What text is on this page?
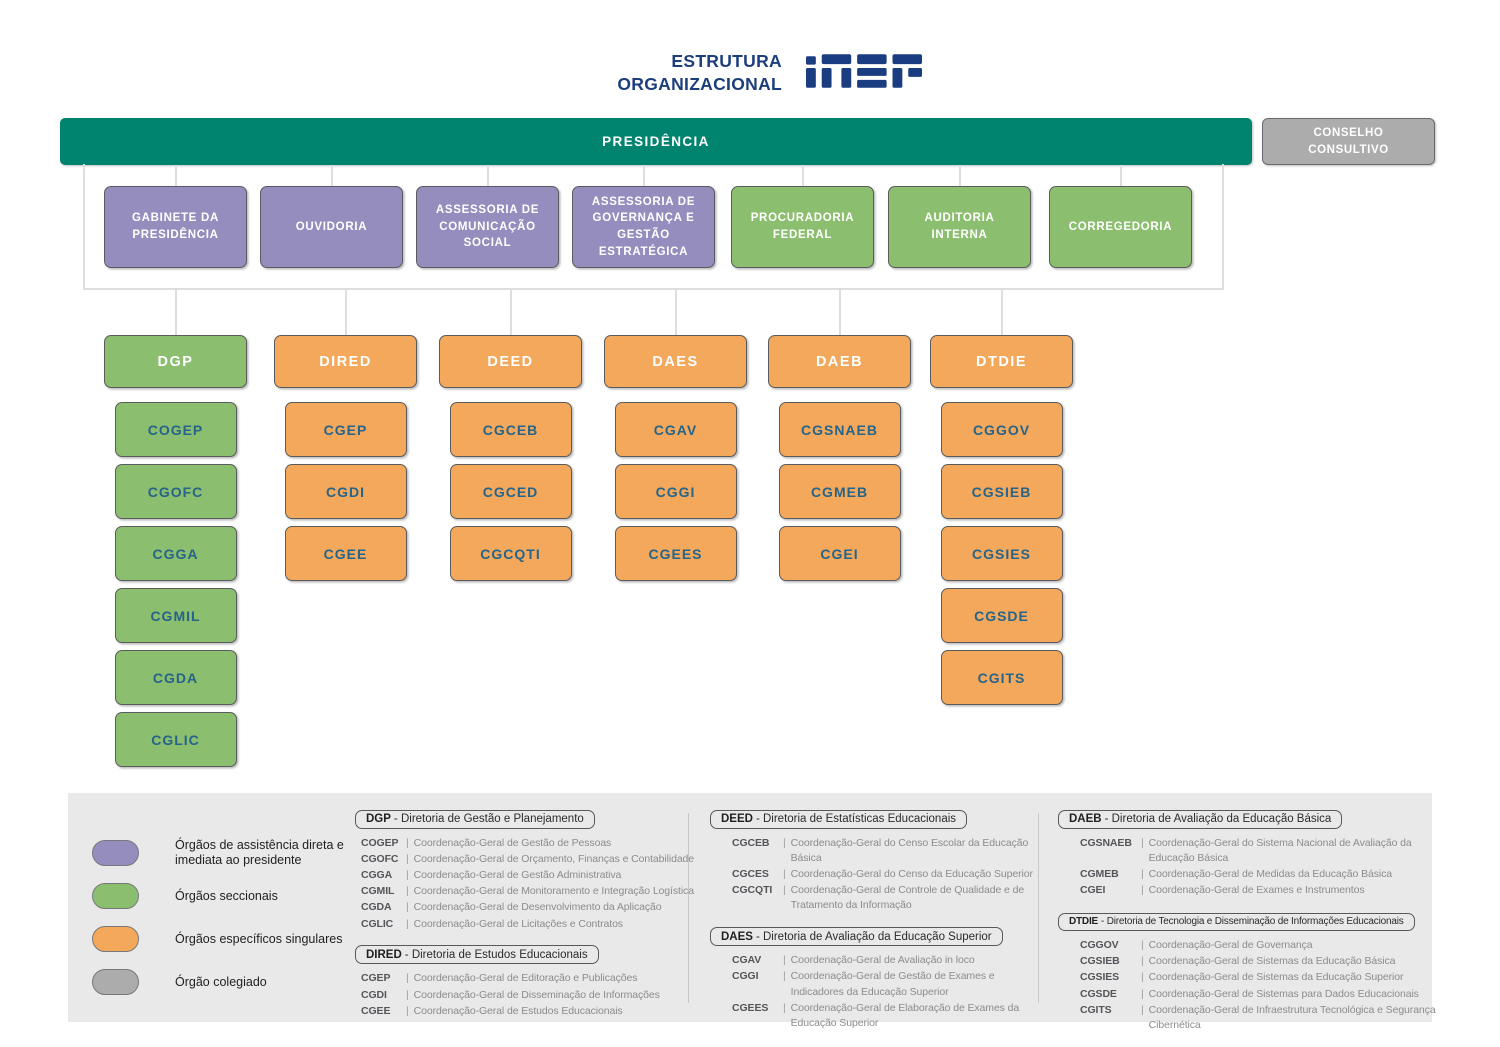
ESTRUTURA
ORGANIZACIONAL
PRESIDÊNCIA
CONSELHO CONSULTIVO
GABINETE DA PRESIDÊNCIA
OUVIDORIA
ASSESSORIA DE COMUNICAÇÃO SOCIAL
ASSESSORIA DE GOVERNANÇA E GESTÃO ESTRATÉGICA
PROCURADORIA FEDERAL
AUDITORIA INTERNA
CORREGEDORIA
DGP
COGEP
CGOFC
CGGA
CGMIL
CGDA
CGLIC
DIRED
CGEP
CGDI
CGEE
DEED
CGCEB
CGCED
CGCQTI
DAES
CGAV
CGGI
CGEES
DAEB
CGSNAEB
CGMEB
CGEI
DTDIE
CGGOV
CGSIEB
CGSIES
CGSDE
CGITS
Órgãos de assistência direta e imediata ao presidente
Órgãos seccionais
Órgãos específicos singulares
Órgão colegiado
DGP - Diretoria de Gestão e Planejamento
COGEP |	Coordenação-Geral de Gestão de Pessoas
CGOFC |	Coordenação-Geral de Orçamento, Finanças e Contabilidade
CGGA |	Coordenação-Geral de Gestão Administrativa
CGMIL |	Coordenação-Geral de Monitoramento e Integração Logística
CGDA |	Coordenação-Geral de Desenvolvimento da Aplicação
CGLIC |	Coordenação-Geral de Licitações e Contratos
DIRED - Diretoria de Estudos Educacionais
CGEP |	Coordenação-Geral de Editoração e Publicações
CGDI |	Coordenação-Geral de Disseminação de Informações
CGEE |	Coordenação-Geral de Estudos Educacionais
DEED - Diretoria de Estatísticas Educacionais
CGCEB |	Coordenação-Geral do Censo Escolar da Educação Básica
CGCES |	Coordenação-Geral do Censo da Educação Superior
CGCQTI |	Coordenação-Geral de Controle de Qualidade e de Tratamento da Informação
DAES - Diretoria de Avaliação da Educação Superior
CGAV |	Coordenação-Geral de Avaliação in loco
CGGI |	Coordenação-Geral de Gestão de Exames e Indicadores da Educação Superior
CGEES |	Coordenação-Geral de Elaboração de Exames da Educação Superior
DAEB - Diretoria de Avaliação da Educação Básica
CGSNAEB |	Coordenação-Geral do Sistema Nacional de Avaliação da Educação Básica
CGMEB |	Coordenação-Geral de Medidas da Educação Básica
CGEI |	Coordenação-Geral de Exames e Instrumentos
DTDIE - Diretoria de Tecnologia e Disseminação de Informações Educacionais
CGGOV |	Coordenação-Geral de Governança
CGSIEB |	Coordenação-Geral de Sistemas da Educação Básica
CGSIES |	Coordenação-Geral de Sistemas da Educação Superior
CGSDE |	Coordenação-Geral de Sistemas para Dados Educacionais
CGITS |	Coordenação-Geral de Infraestrutura Tecnológica e Segurança Cibernética
